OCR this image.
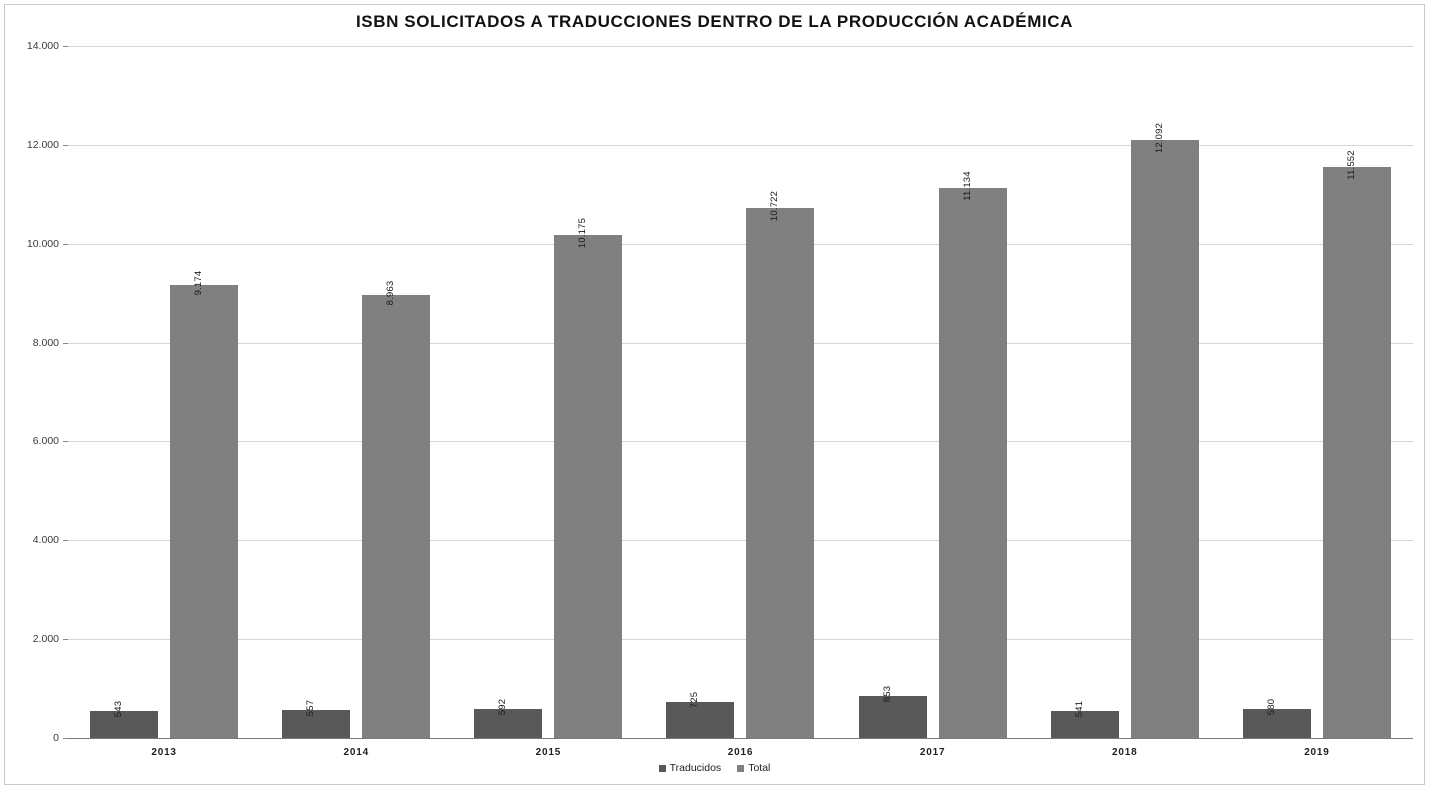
ISBN SOLICITADOS A TRADUCCIONES DENTRO DE LA PRODUCCIÓN ACADÉMICA
0
2.000
4.000
6.000
8.000
10.000
12.000
14.000
543
9.174
2013
557
8.963
2014
592
10.175
2015
725
10.722
2016
853
11.134
2017
541
12.092
2018
580
11.552
2019
Traducidos	Total
